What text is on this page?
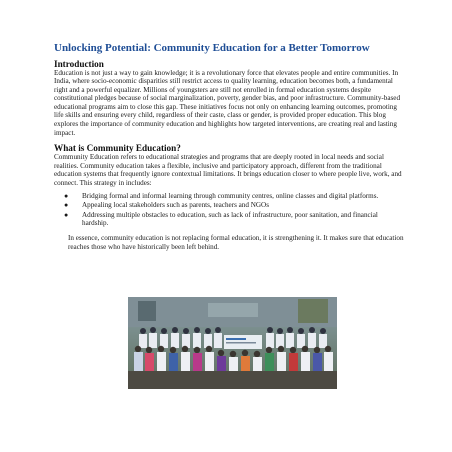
Unlocking Potential: Community Education for a Better Tomorrow

Introduction

Education is not just a way to gain knowledge; it is a revolutionary force that elevates people and entire communities. In India, where socio-economic disparities still restrict access to quality learning, education becomes both, a fundamental right and a powerful equalizer. Millions of youngsters are still not enrolled in formal education systems despite constitutional pledges because of social marginalization, poverty, gender bias, and poor infrastructure. Community-based educational programs aim to close this gap. These initiatives focus not only on enhancing learning outcomes, promoting life skills and ensuring every child, regardless of their caste, class or gender, is provided proper education. This blog explores the importance of community education and highlights how targeted interventions, are creating real and lasting impact.

What is Community Education?

Community Education refers to educational strategies and programs that are deeply rooted in local needs and social realities. Community education takes a flexible, inclusive and participatory approach, different from the traditional education systems that frequently ignore contextual limitations. It brings education closer to where people live, work, and connect. This strategy in includes:

● Bridging formal and informal learning through community centres, online classes and digital platforms.
● Appealing local stakeholders such as parents, teachers and NGOs
● Addressing multiple obstacles to education, such as lack of infrastructure, poor sanitation, and financial hardship.

In essence, community education is not replacing formal education, it is strengthening it. It makes sure that education reaches those who have historically been left behind.
